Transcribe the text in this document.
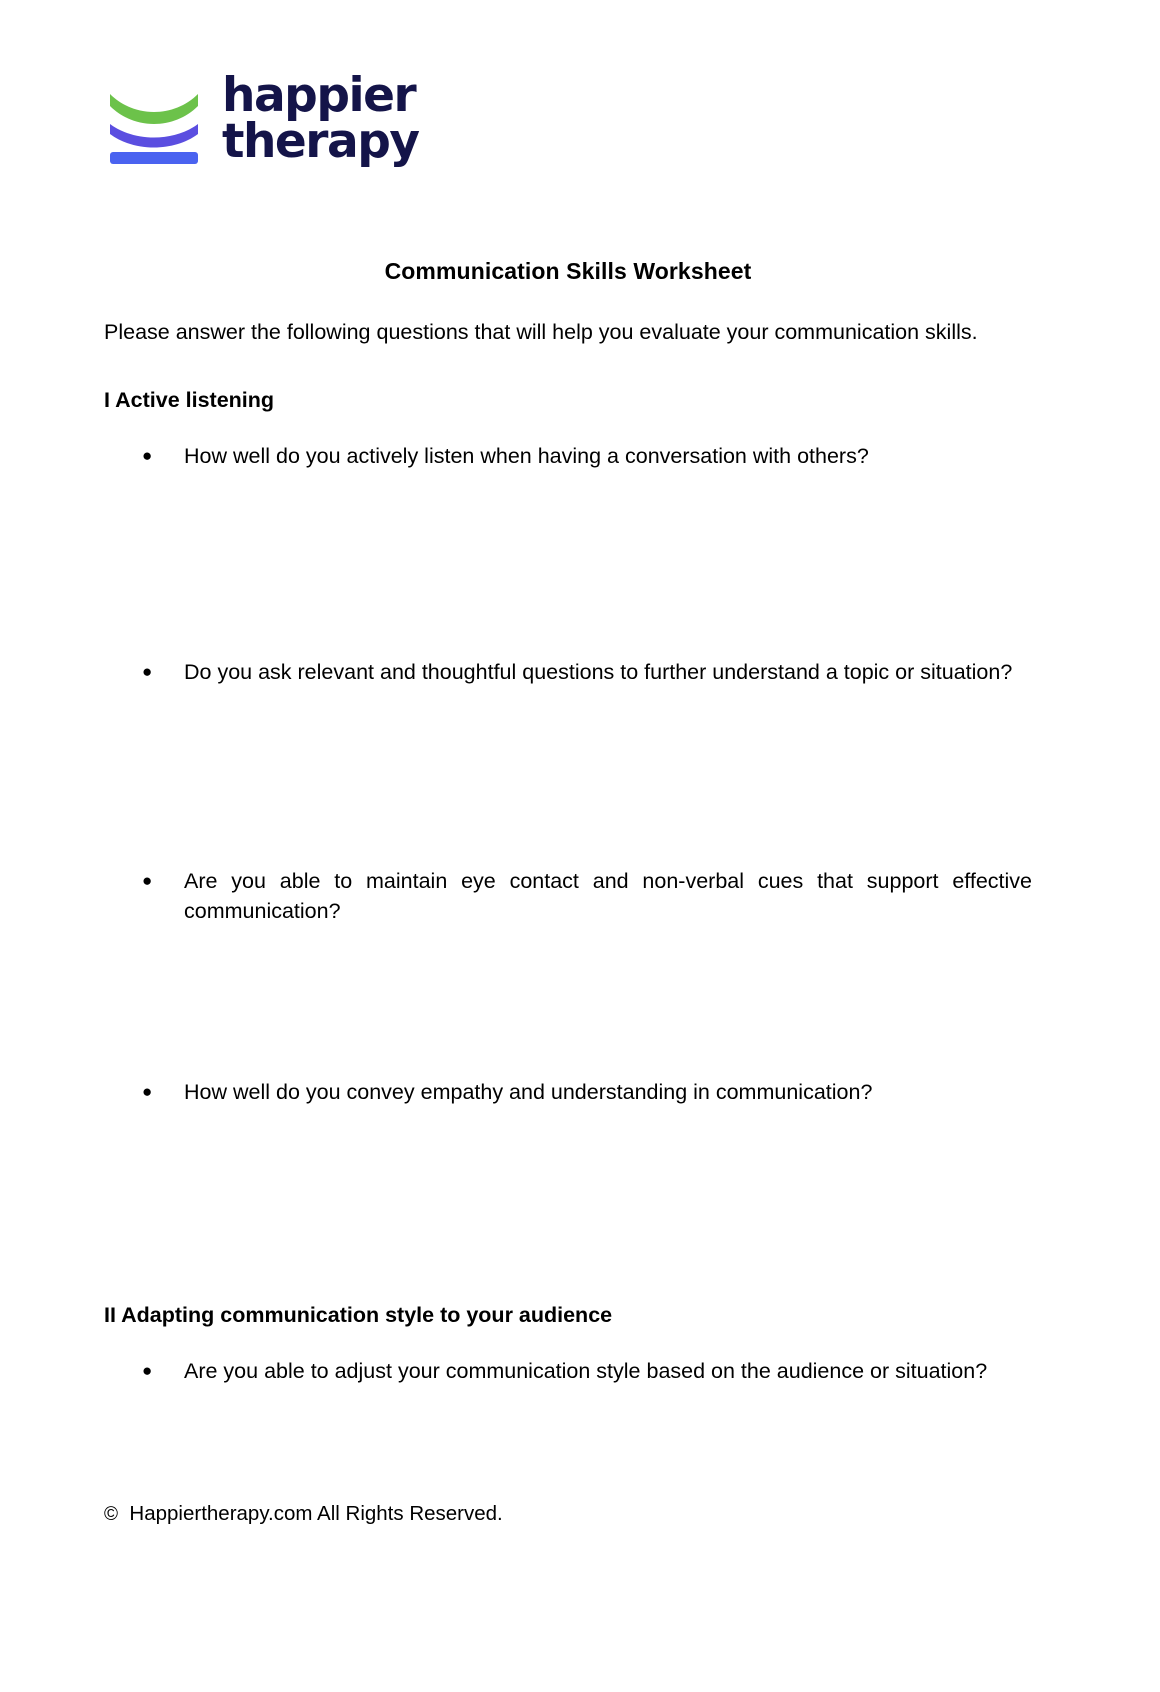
happier
therapy
Communication Skills Worksheet

Please answer the following questions that will help you evaluate your communication skills.

I Active listening
● How well do you actively listen when having a conversation with others?
● Do you ask relevant and thoughtful questions to further understand a topic or situation?
● Are you able to maintain eye contact and non-verbal cues that support effective communication?
● How well do you convey empathy and understanding in communication?
II Adapting communication style to your audience
● Are you able to adjust your communication style based on the audience or situation?
© Happiertherapy.com All Rights Reserved.
